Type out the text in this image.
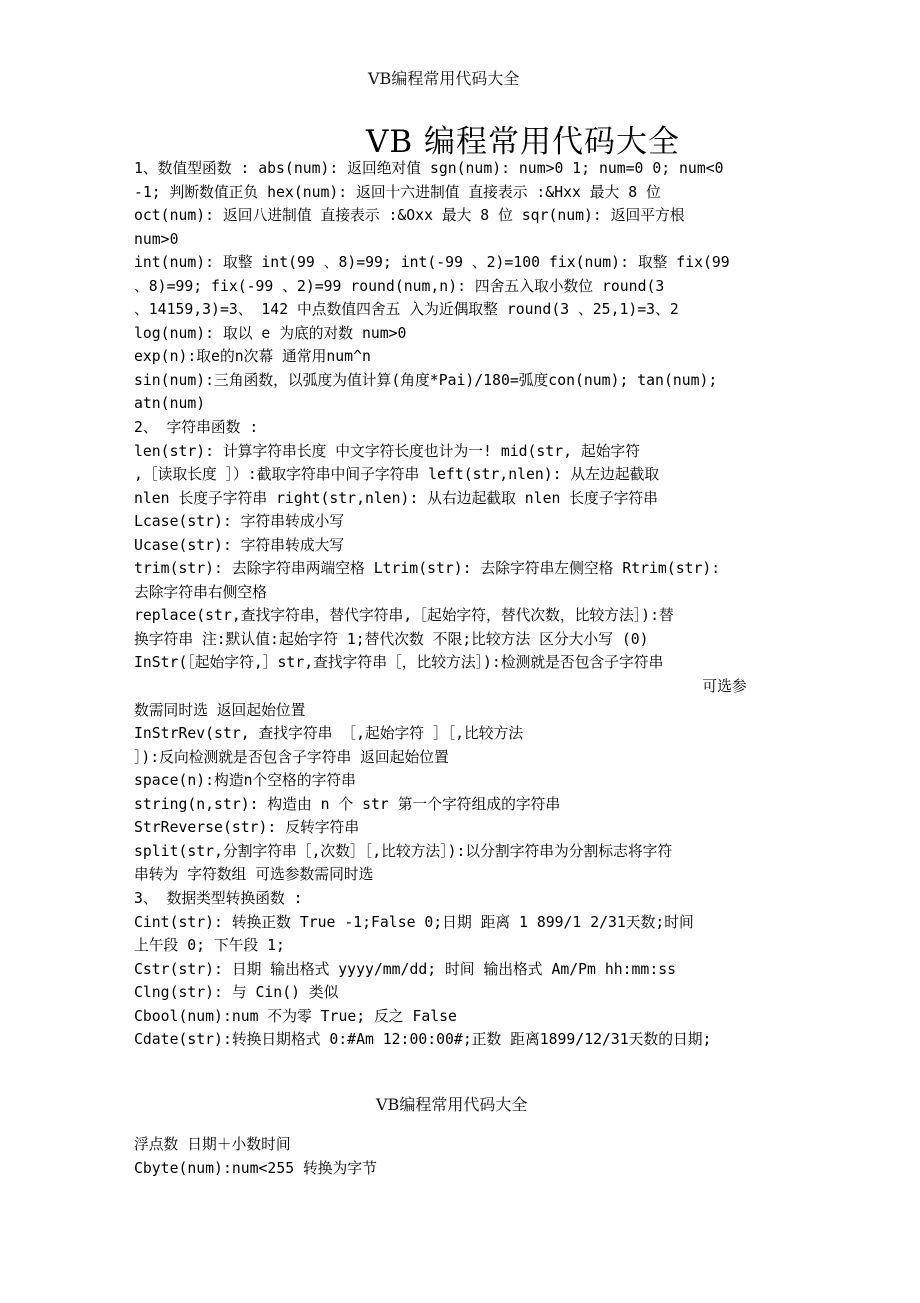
VB编程常用代码大全
VB 编程常用代码大全
1、数值型函数 : abs(num): 返回绝对值 sgn(num): num>0 1; num=0 0; num<0
-1; 判断数值正负 hex(num): 返回十六进制值 直接表示 :&Hxx 最大 8 位
oct(num): 返回八进制值 直接表示 :&Oxx 最大 8 位 sqr(num): 返回平方根
num>0
int(num): 取整 int(99 、8)=99; int(-99 、2)=100 fix(num): 取整 fix(99
、8)=99; fix(-99 、2)=99 round(num,n): 四舍五入取小数位 round(3
、14159,3)=3、 142 中点数值四舍五 入为近偶取整 round(3 、25,1)=3、2
log(num): 取以 e 为底的对数 num>0
exp(n):取e的n次幕 通常用num^n
sin(num):三角函数，以弧度为值计算(角度*Pai)/180=弧度con(num); tan(num);
atn(num)
2、 字符串函数 :
len(str): 计算字符串长度 中文字符长度也计为一! mid(str, 起始字符
,［读取长度 ］）:截取字符串中间子字符串 left(str,nlen): 从左边起截取
nlen 长度子字符串 right(str,nlen): 从右边起截取 nlen 长度子字符串
Lcase(str): 字符串转成小写
Ucase(str): 字符串转成大写
trim(str): 去除字符串两端空格 Ltrim(str): 去除字符串左侧空格 Rtrim(str):
去除字符串右侧空格
replace(str,查找字符串，替代字符串,［起始字符，替代次数，比较方法］):替
换字符串 注:默认值:起始字符 1;替代次数 不限;比较方法 区分大小写 (0)
InStr(［起始字符,］str,查找字符串［，比较方法］):检测就是否包含子字符串
可选参
数需同时选 返回起始位置
InStrRev(str, 查找字符串 ［,起始字符 ］［,比较方法
］):反向检测就是否包含子字符串 返回起始位置
space(n):构造n个空格的字符串
string(n,str): 构造由 n 个 str 第一个字符组成的字符串
StrReverse(str): 反转字符串
split(str,分割字符串［,次数］［,比较方法］):以分割字符串为分割标志将字符
串转为 字符数组 可选参数需同时选
3、 数据类型转换函数 :
Cint(str): 转换正数 True -1;False 0;日期 距离 1 899/1 2/31天数;时间
上午段 0; 下午段 1;
Cstr(str): 日期 输出格式 yyyy/mm/dd; 时间 输出格式 Am/Pm hh:mm:ss
Clng(str): 与 Cin() 类似
Cbool(num):num 不为零 True; 反之 False
Cdate(str):转换日期格式 0:#Am 12:00:00#;正数 距离1899/12/31天数的日期;
VB编程常用代码大全
浮点数 日期＋小数时间
Cbyte(num):num<255 转换为字节
